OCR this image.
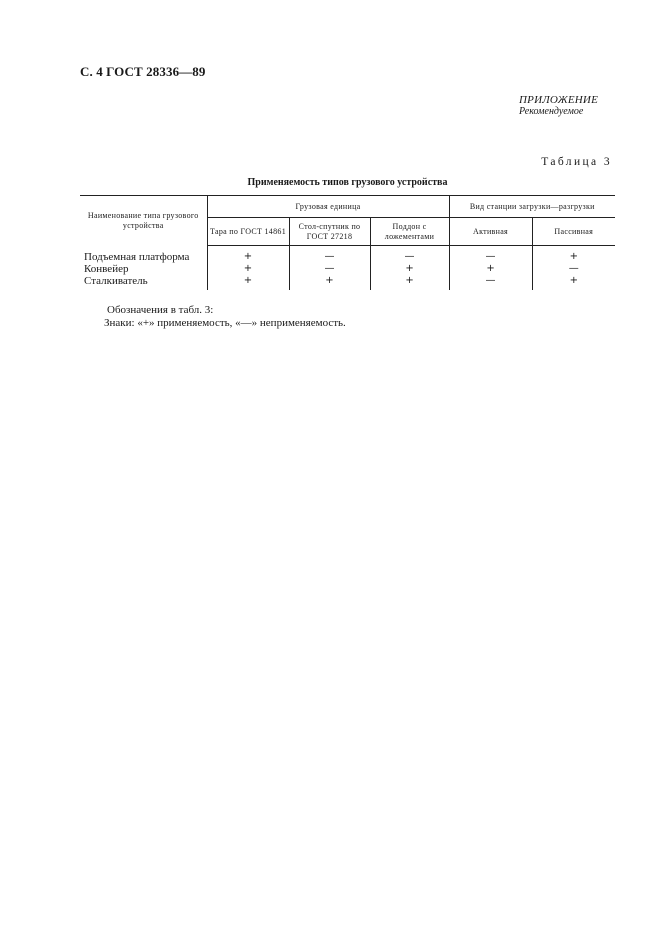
С. 4 ГОСТ 28336—89
ПРИЛОЖЕНИЕ
Рекомендуемое
Таблица 3
Применяемость типов грузового устройства
Наименование типа грузового устройства	Грузовая единица			Вид станции загрузки—разгрузки	
	Тара по ГОСТ 14861	Стол-спутник по ГОСТ 27218	Поддон с ложементами	Активная	Пассивная
Подъемная платформа	+	—	—	—	+
Конвейер	+	—	+	+	—
Сталкиватель	+	+	+	—	+
Обозначения в табл. 3:
Знаки: «+» применяемость, «—» неприменяемость.
